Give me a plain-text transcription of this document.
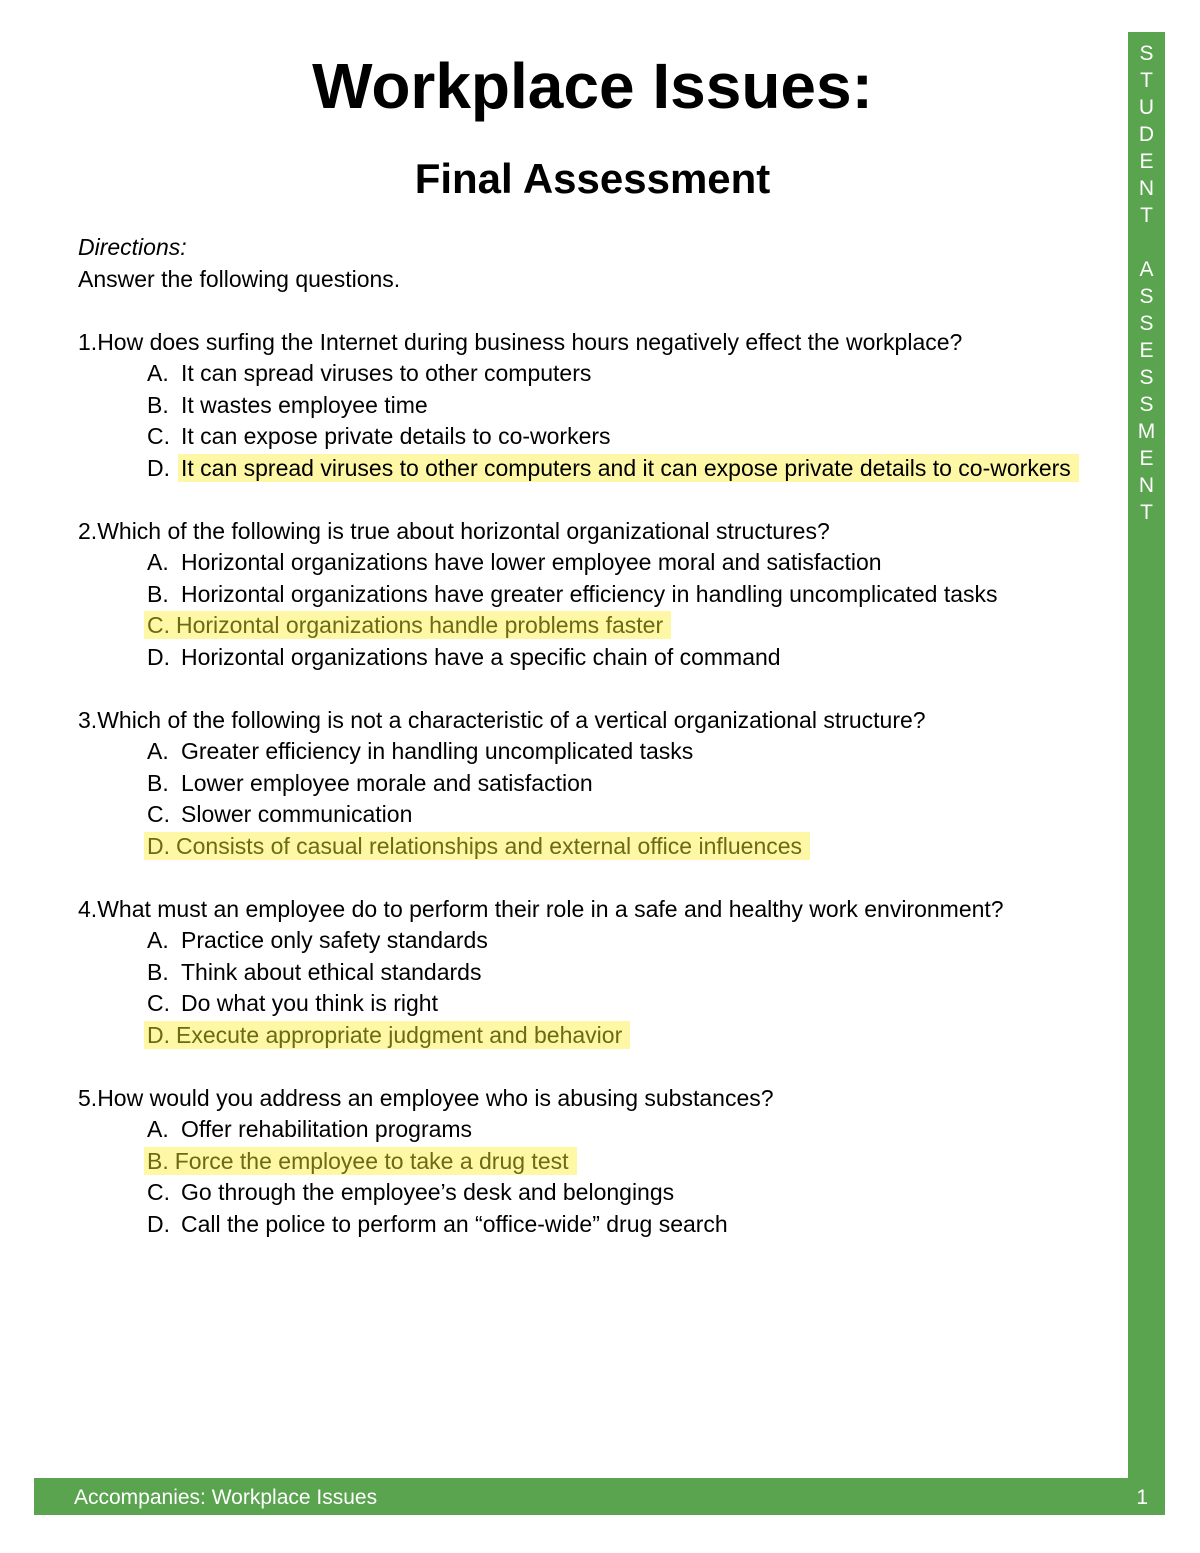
Workplace Issues:
Final Assessment
Directions:
Answer the following questions.
1.How does surfing the Internet during business hours negatively effect the workplace?
A. It can spread viruses to other computers
B. It wastes employee time
C. It can expose private details to co-workers
D. It can spread viruses to other computers and it can expose private details to co-workers
2.Which of the following is true about horizontal organizational structures?
A. Horizontal organizations have lower employee moral and satisfaction
B. Horizontal organizations have greater efficiency in handling uncomplicated tasks
C. Horizontal organizations handle problems faster
D. Horizontal organizations have a specific chain of command
3.Which of the following is not a characteristic of a vertical organizational structure?
A. Greater efficiency in handling uncomplicated tasks
B. Lower employee morale and satisfaction
C. Slower communication
D. Consists of casual relationships and external office influences
4.What must an employee do to perform their role in a safe and healthy work environment?
A. Practice only safety standards
B. Think about ethical standards
C. Do what you think is right
D. Execute appropriate judgment and behavior
5.How would you address an employee who is abusing substances?
A. Offer rehabilitation programs
B. Force the employee to take a drug test
C. Go through the employee’s desk and belongings
D. Call the police to perform an “office-wide” drug search
S
T
U
D
E
N
T

A
S
S
E
S
S
M
E
N
T
Accompanies: Workplace Issues	1
